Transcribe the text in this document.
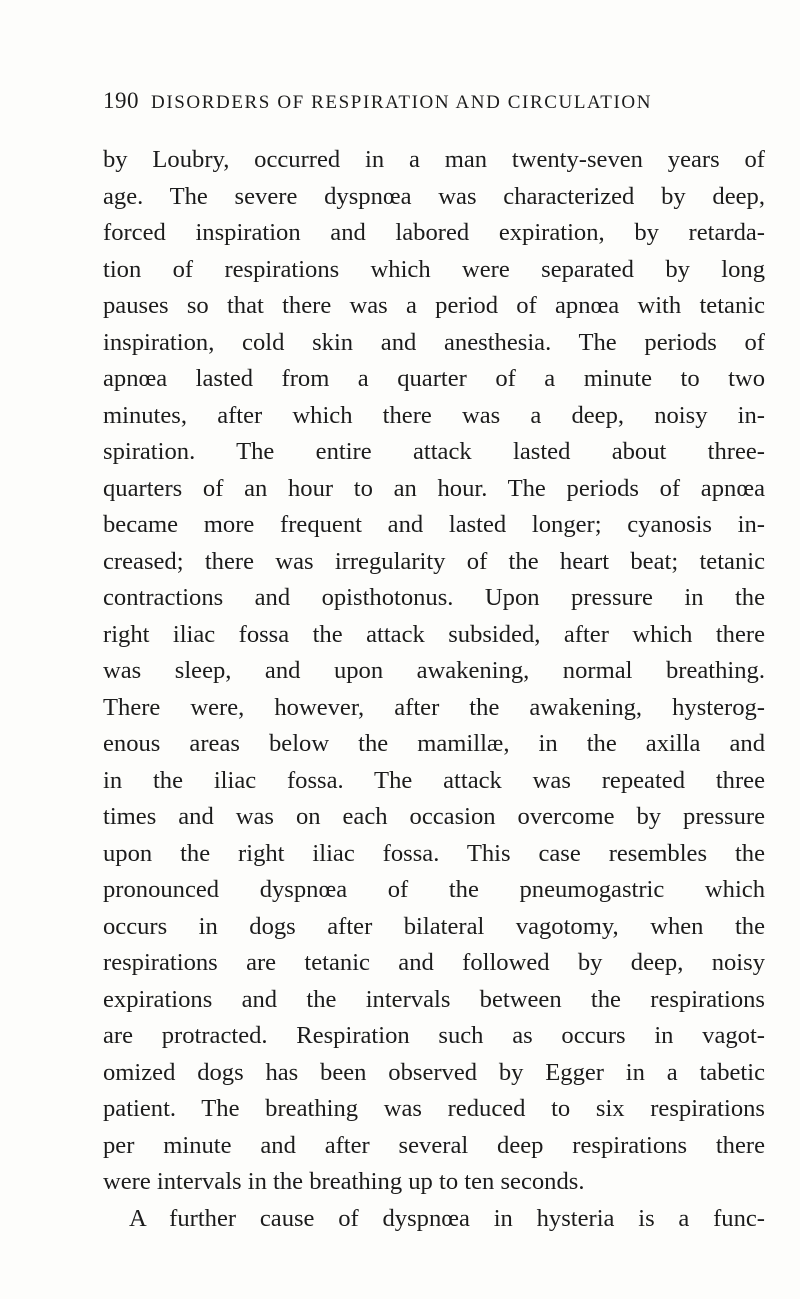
190 DISORDERS OF RESPIRATION AND CIRCULATION
by Loubry, occurred in a man twenty-seven years of
age. The severe dyspnœa was characterized by deep,
forced inspiration and labored expiration, by retarda-
tion of respirations which were separated by long
pauses so that there was a period of apnœa with tetanic
inspiration, cold skin and anesthesia. The periods of
apnœa lasted from a quarter of a minute to two
minutes, after which there was a deep, noisy in-
spiration. The entire attack lasted about three-
quarters of an hour to an hour. The periods of apnœa
became more frequent and lasted longer; cyanosis in-
creased; there was irregularity of the heart beat; tetanic
contractions and opisthotonus. Upon pressure in the
right iliac fossa the attack subsided, after which there
was sleep, and upon awakening, normal breathing.
There were, however, after the awakening, hysterog-
enous areas below the mamillæ, in the axilla and
in the iliac fossa. The attack was repeated three
times and was on each occasion overcome by pressure
upon the right iliac fossa. This case resembles the
pronounced dyspnœa of the pneumogastric which
occurs in dogs after bilateral vagotomy, when the
respirations are tetanic and followed by deep, noisy
expirations and the intervals between the respirations
are protracted. Respiration such as occurs in vagot-
omized dogs has been observed by Egger in a tabetic
patient. The breathing was reduced to six respirations
per minute and after several deep respirations there
were intervals in the breathing up to ten seconds.
A further cause of dyspnœa in hysteria is a func-
